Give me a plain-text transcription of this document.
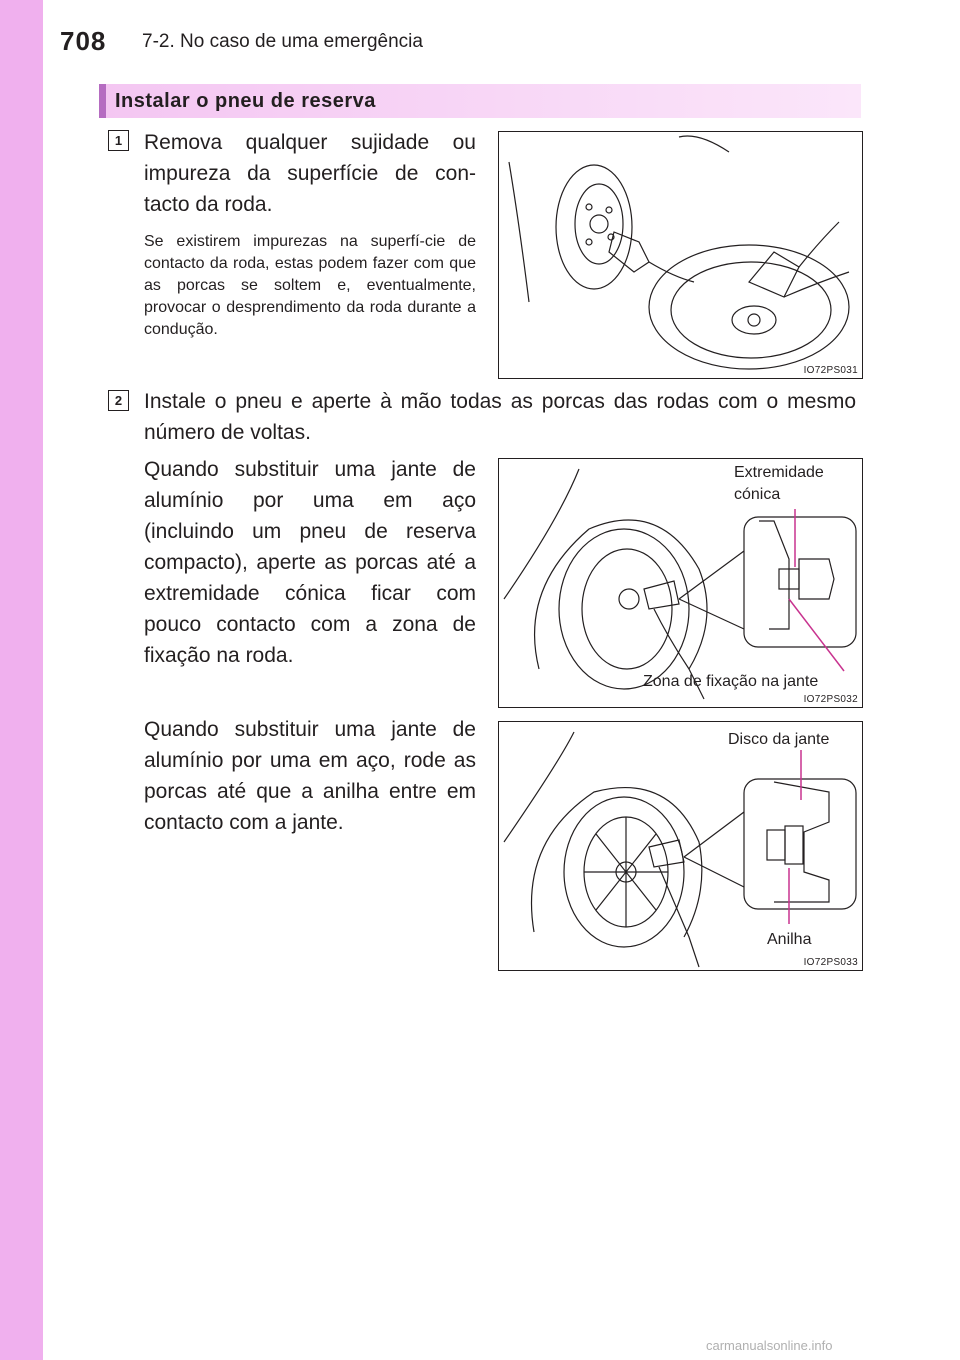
708 7-2. No caso de uma emergência
Instalar o pneu de reserva
1	Remova qualquer sujidade ou impureza da superfície de con-tacto da roda.
Se existirem impurezas na superfí-cie de contacto da roda, estas podem fazer com que as porcas se soltem e, eventualmente, provocar o desprendimento da roda durante a condução.
IO72PS031
2	Instale o pneu e aperte à mão todas as porcas das rodas com o mesmo número de voltas.
Quando substituir uma jante de alumínio por uma em aço (incluindo um pneu de reserva compacto), aperte as porcas até a extremidade cónica ficar com pouco contacto com a zona de fixação na roda.
Extremidade cónica
Zona de fixação na jante
IO72PS032
Quando substituir uma jante de alumínio por uma em aço, rode as porcas até que a anilha entre em contacto com a jante.
Disco da jante
Anilha
IO72PS033
carmanualsonline.info
